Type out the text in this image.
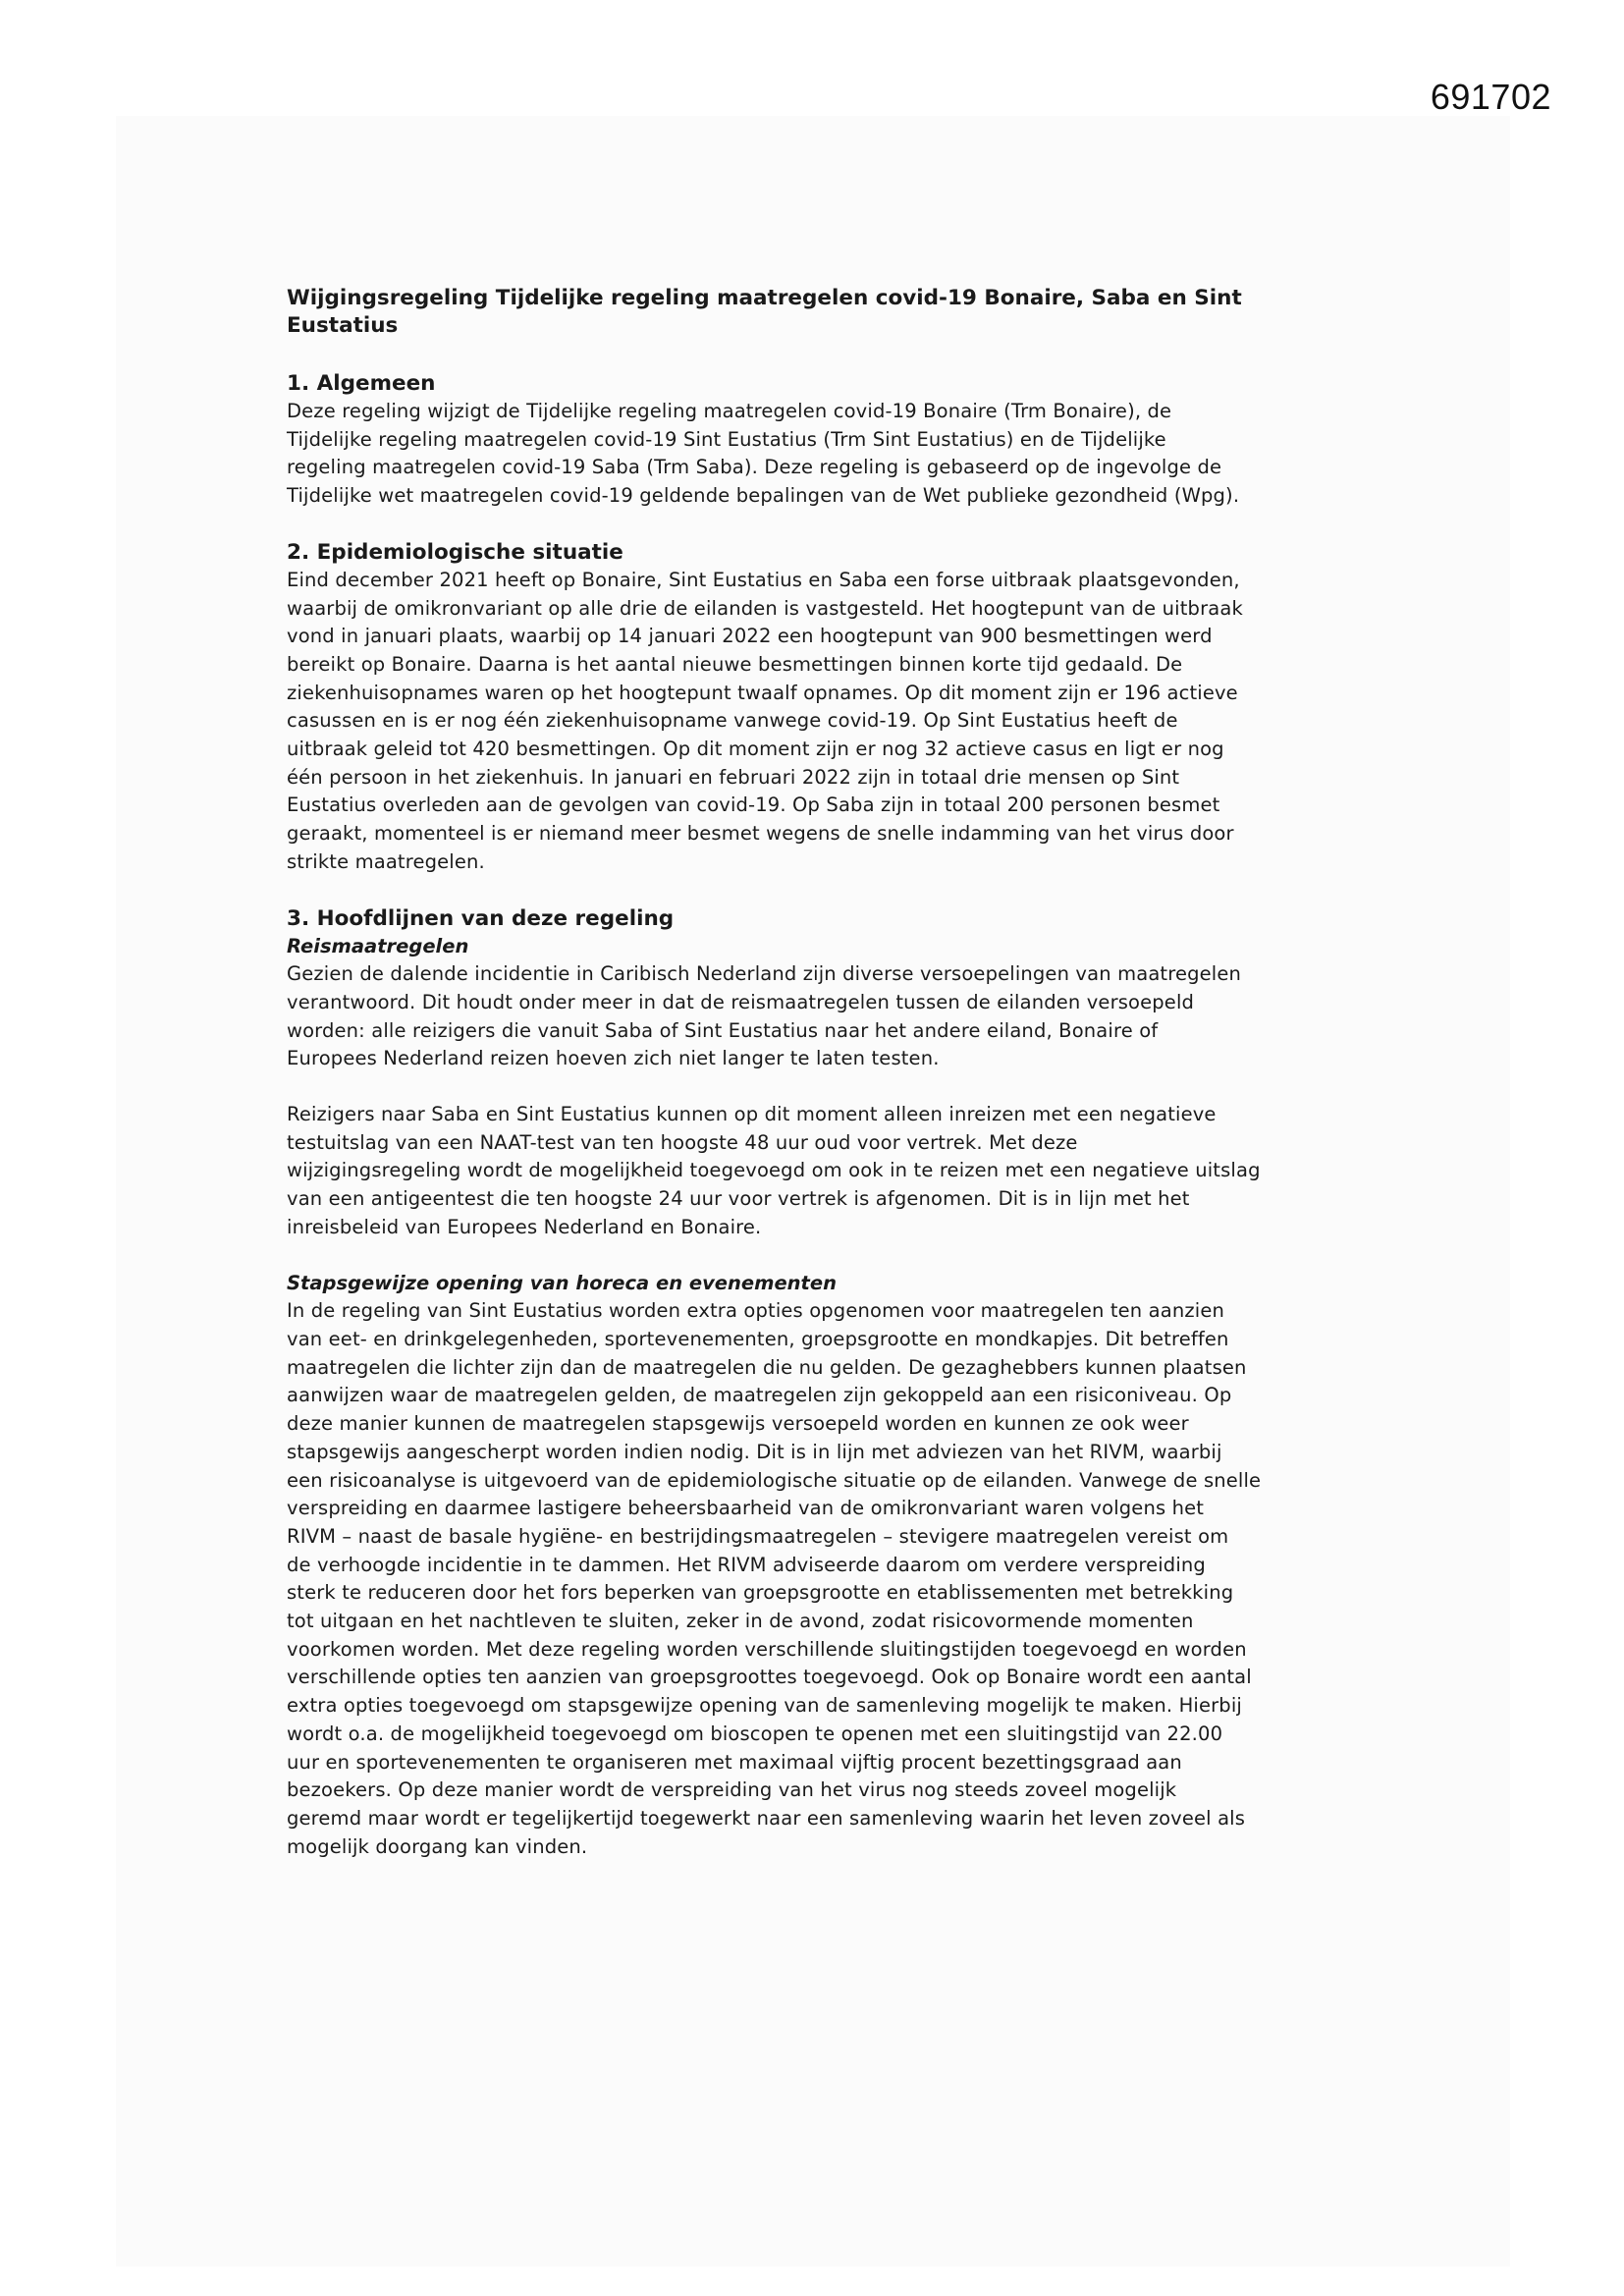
691702
Wijgingsregeling Tijdelijke regeling maatregelen covid-19 Bonaire, Saba en Sint
Eustatius
1. Algemeen

Deze regeling wijzigt de Tijdelijke regeling maatregelen covid-19 Bonaire (Trm Bonaire), de
Tijdelijke regeling maatregelen covid-19 Sint Eustatius (Trm Sint Eustatius) en de Tijdelijke
regeling maatregelen covid-19 Saba (Trm Saba). Deze regeling is gebaseerd op de ingevolge de
Tijdelijke wet maatregelen covid-19 geldende bepalingen van de Wet publieke gezondheid (Wpg).

2. Epidemiologische situatie

Eind december 2021 heeft op Bonaire, Sint Eustatius en Saba een forse uitbraak plaatsgevonden,
waarbij de omikronvariant op alle drie de eilanden is vastgesteld. Het hoogtepunt van de uitbraak
vond in januari plaats, waarbij op 14 januari 2022 een hoogtepunt van 900 besmettingen werd
bereikt op Bonaire. Daarna is het aantal nieuwe besmettingen binnen korte tijd gedaald. De
ziekenhuisopnames waren op het hoogtepunt twaalf opnames. Op dit moment zijn er 196 actieve
casussen en is er nog één ziekenhuisopname vanwege covid-19. Op Sint Eustatius heeft de
uitbraak geleid tot 420 besmettingen. Op dit moment zijn er nog 32 actieve casus en ligt er nog
één persoon in het ziekenhuis. In januari en februari 2022 zijn in totaal drie mensen op Sint
Eustatius overleden aan de gevolgen van covid-19. Op Saba zijn in totaal 200 personen besmet
geraakt, momenteel is er niemand meer besmet wegens de snelle indamming van het virus door
strikte maatregelen.

3. Hoofdlijnen van deze regeling
Reismaatregelen

Gezien de dalende incidentie in Caribisch Nederland zijn diverse versoepelingen van maatregelen
verantwoord. Dit houdt onder meer in dat de reismaatregelen tussen de eilanden versoepeld
worden: alle reizigers die vanuit Saba of Sint Eustatius naar het andere eiland, Bonaire of
Europees Nederland reizen hoeven zich niet langer te laten testen.

Reizigers naar Saba en Sint Eustatius kunnen op dit moment alleen inreizen met een negatieve
testuitslag van een NAAT-test van ten hoogste 48 uur oud voor vertrek. Met deze
wijzigingsregeling wordt de mogelijkheid toegevoegd om ook in te reizen met een negatieve uitslag
van een antigeentest die ten hoogste 24 uur voor vertrek is afgenomen. Dit is in lijn met het
inreisbeleid van Europees Nederland en Bonaire.

Stapsgewijze opening van horeca en evenementen

In de regeling van Sint Eustatius worden extra opties opgenomen voor maatregelen ten aanzien
van eet- en drinkgelegenheden, sportevenementen, groepsgrootte en mondkapjes. Dit betreffen
maatregelen die lichter zijn dan de maatregelen die nu gelden. De gezaghebbers kunnen plaatsen
aanwijzen waar de maatregelen gelden, de maatregelen zijn gekoppeld aan een risiconiveau. Op
deze manier kunnen de maatregelen stapsgewijs versoepeld worden en kunnen ze ook weer
stapsgewijs aangescherpt worden indien nodig. Dit is in lijn met adviezen van het RIVM, waarbij
een risicoanalyse is uitgevoerd van de epidemiologische situatie op de eilanden. Vanwege de snelle
verspreiding en daarmee lastigere beheersbaarheid van de omikronvariant waren volgens het
RIVM – naast de basale hygiëne- en bestrijdingsmaatregelen – stevigere maatregelen vereist om
de verhoogde incidentie in te dammen. Het RIVM adviseerde daarom om verdere verspreiding
sterk te reduceren door het fors beperken van groepsgrootte en etablissementen met betrekking
tot uitgaan en het nachtleven te sluiten, zeker in de avond, zodat risicovormende momenten
voorkomen worden. Met deze regeling worden verschillende sluitingstijden toegevoegd en worden
verschillende opties ten aanzien van groepsgroottes toegevoegd. Ook op Bonaire wordt een aantal
extra opties toegevoegd om stapsgewijze opening van de samenleving mogelijk te maken. Hierbij
wordt o.a. de mogelijkheid toegevoegd om bioscopen te openen met een sluitingstijd van 22.00
uur en sportevenementen te organiseren met maximaal vijftig procent bezettingsgraad aan
bezoekers. Op deze manier wordt de verspreiding van het virus nog steeds zoveel mogelijk
geremd maar wordt er tegelijkertijd toegewerkt naar een samenleving waarin het leven zoveel als
mogelijk doorgang kan vinden.
